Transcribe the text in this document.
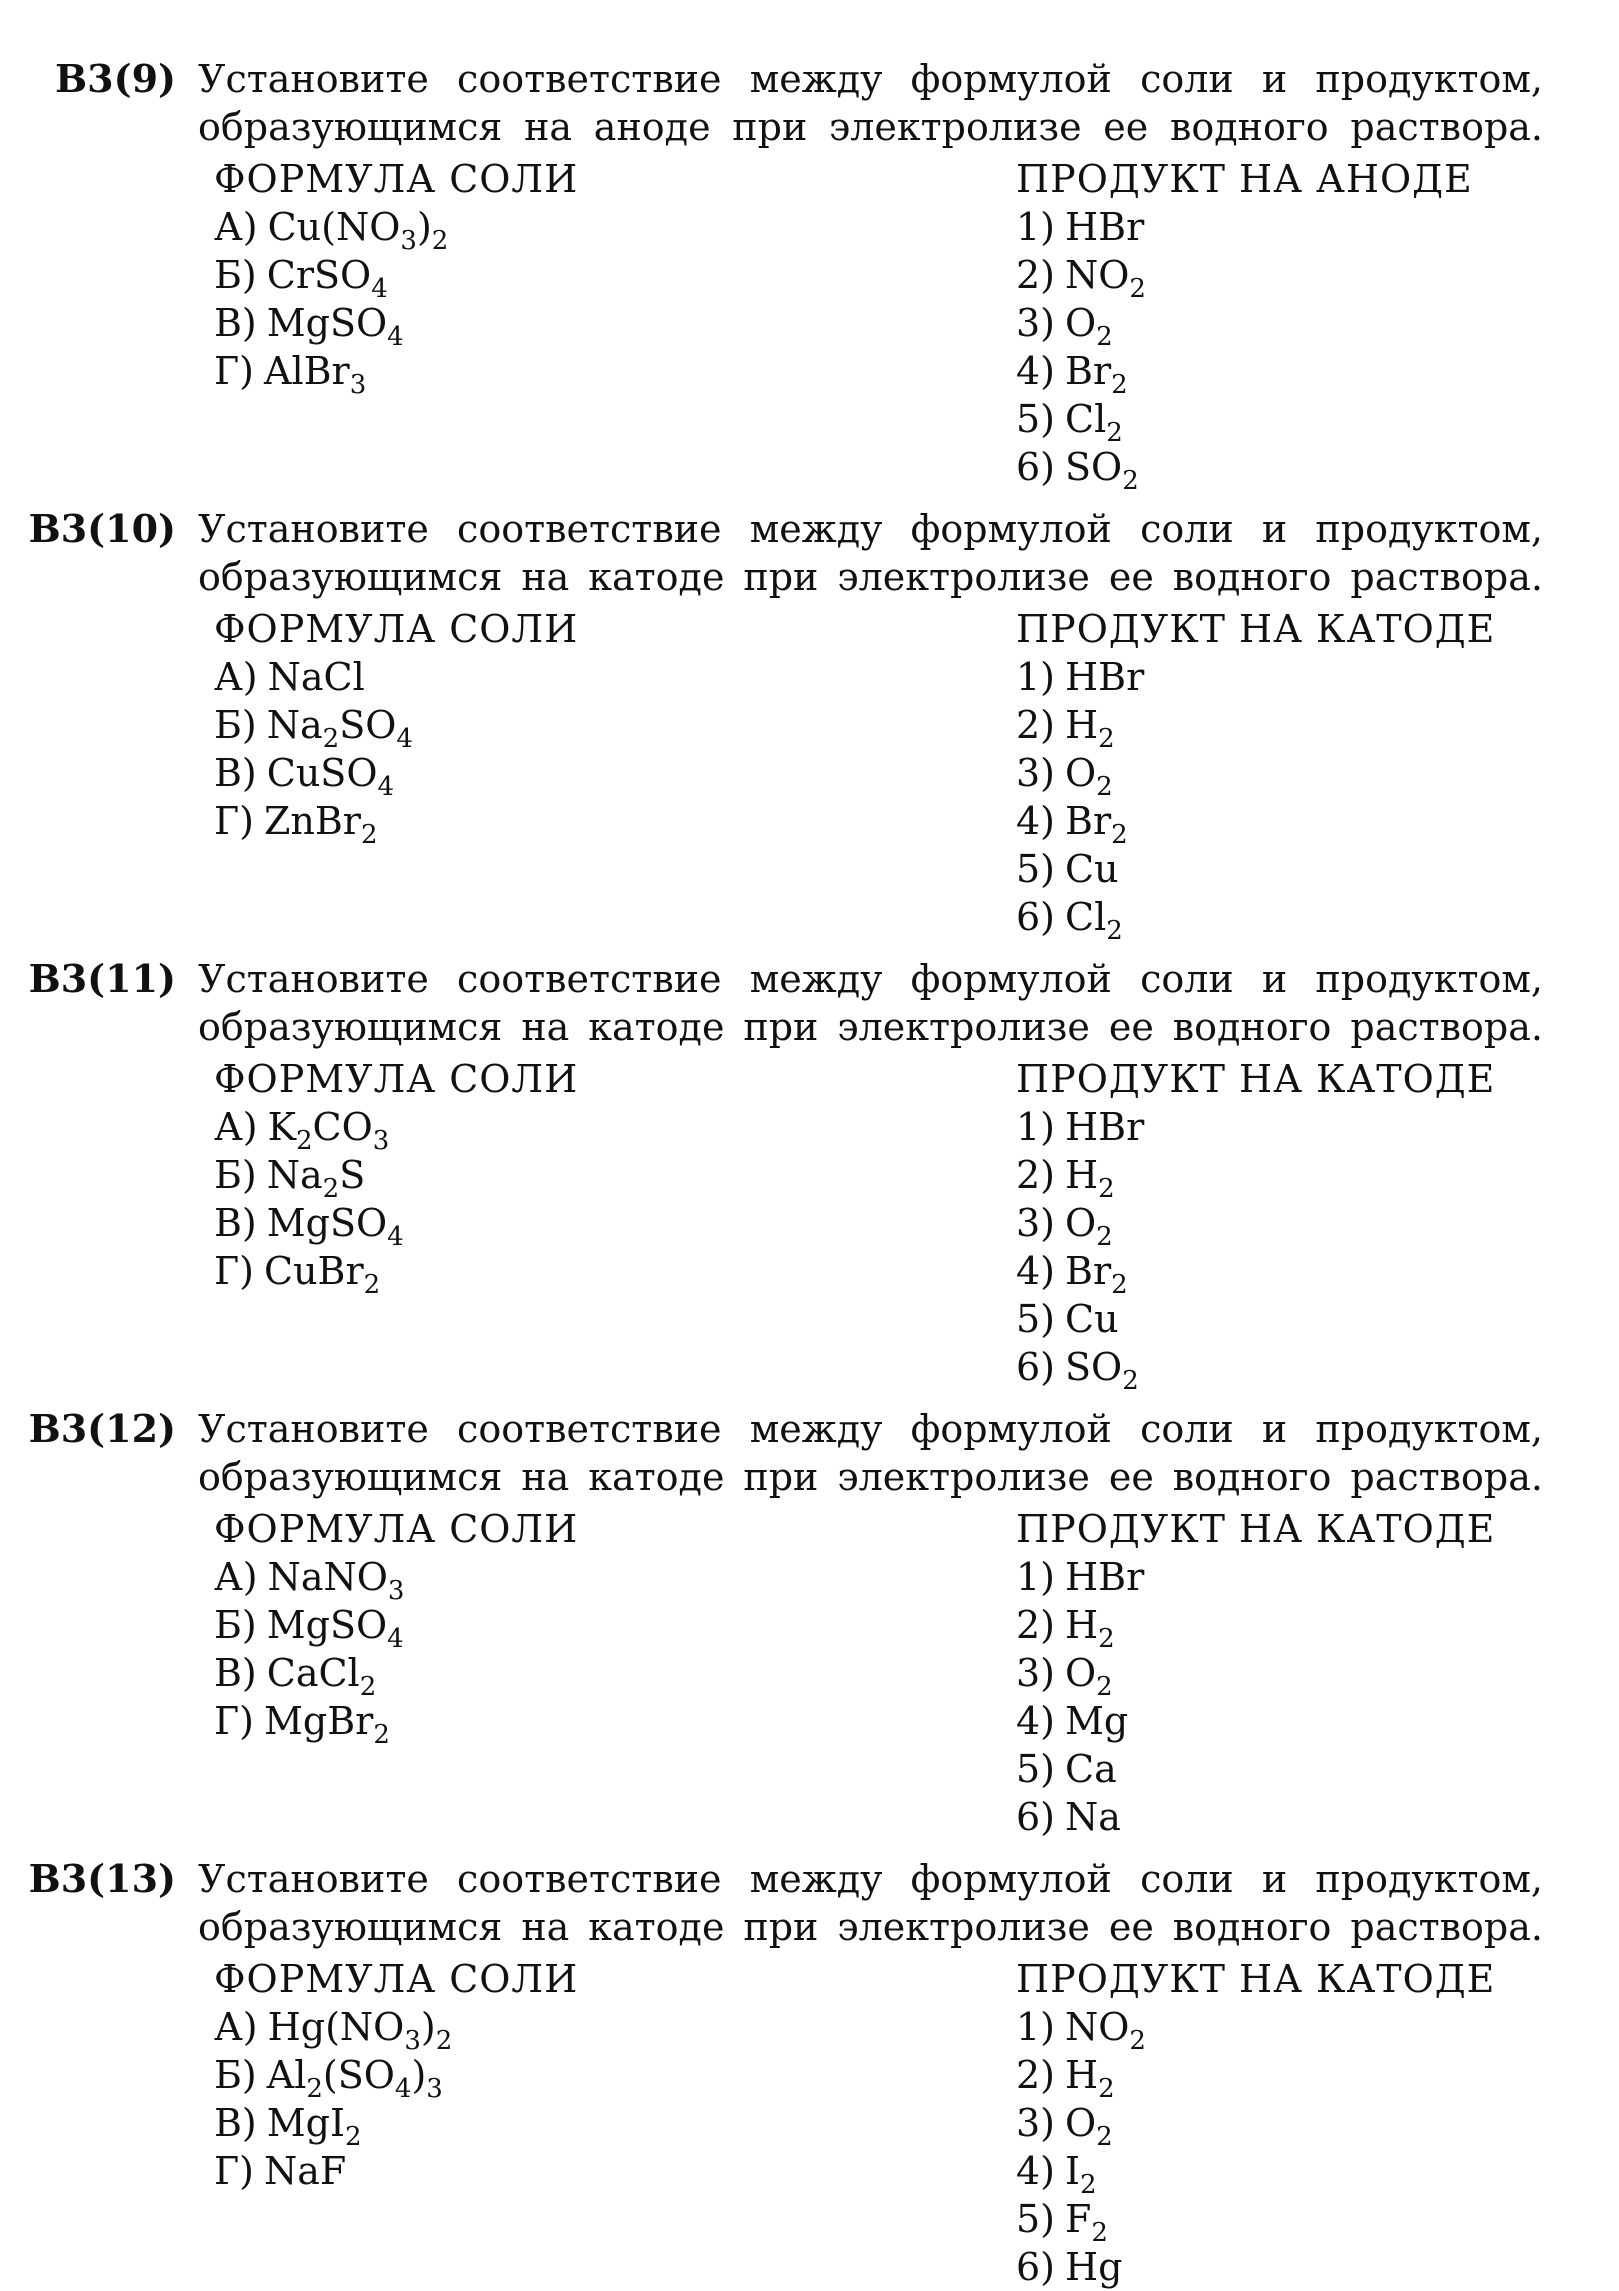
B3(9) Установите соответствие между формулой соли и продуктом,
образующимся на аноде при электролизе ее водного раствора.
ФОРМУЛА СОЛИ
А) $Cu(NO_3)_2$
Б) CrSO$_4$
В) MgSO$_4$
Г) AlBr$_3$
ПРОДУКТ НА АНОДЕ
1) HBr
2) $NO_2$
3) $O_2$
4) $Br_2$
5) $Cl_2$
6) $SO_2$
B3(10) Установите соответствие между формулой соли и продуктом,
образующимся на катоде при электролизе ее водного раствора.
ФОРМУЛА СОЛИ
А) NaCl
Б) $Na_2SO_4$
В) CuSO$_4$
Г) ZnBr$_2$
ПРОДУКТ НА КАТОДЕ
1) HBr
2) $H_2$
3) $O_2$
4) $Br_2$
5) Cu
6) $Cl_2$
B3(11) Установите соответствие между формулой соли и продуктом,
образующимся на катоде при электролизе ее водного раствора.
ФОРМУЛА СОЛИ
А) $K_2CO_3$
Б) $Na_2S$
В) MgSO$_4$
Г) CuBr$_2$
ПРОДУКТ НА КАТОДЕ
1) HBr
2) $H_2$
3) $O_2$
4) $Br_2$
5) Cu
6) $SO_2$
B3(12) Установите соответствие между формулой соли и продуктом,
образующимся на катоде при электролизе ее водного раствора.
ФОРМУЛА СОЛИ
А) NaNO$_3$
Б) MgSO$_4$
В) CaCl$_2$
Г) MgBr$_2$
ПРОДУКТ НА КАТОДЕ
1) HBr
2) $H_2$
3) $O_2$
4) Mg
5) Ca
6) Na
B3(13) Установите соответствие между формулой соли и продуктом,
образующимся на катоде при электролизе ее водного раствора.
ФОРМУЛА СОЛИ
А) $Hg(NO_3)_2$
Б) $Al_2(SO_4)_3$
В) MgI$_2$
Г) NaF
ПРОДУКТ НА КАТОДЕ
1) $NO_2$
2) $H_2$
3) $O_2$
4) $I_2$
5) $F_2$
6) Hg
